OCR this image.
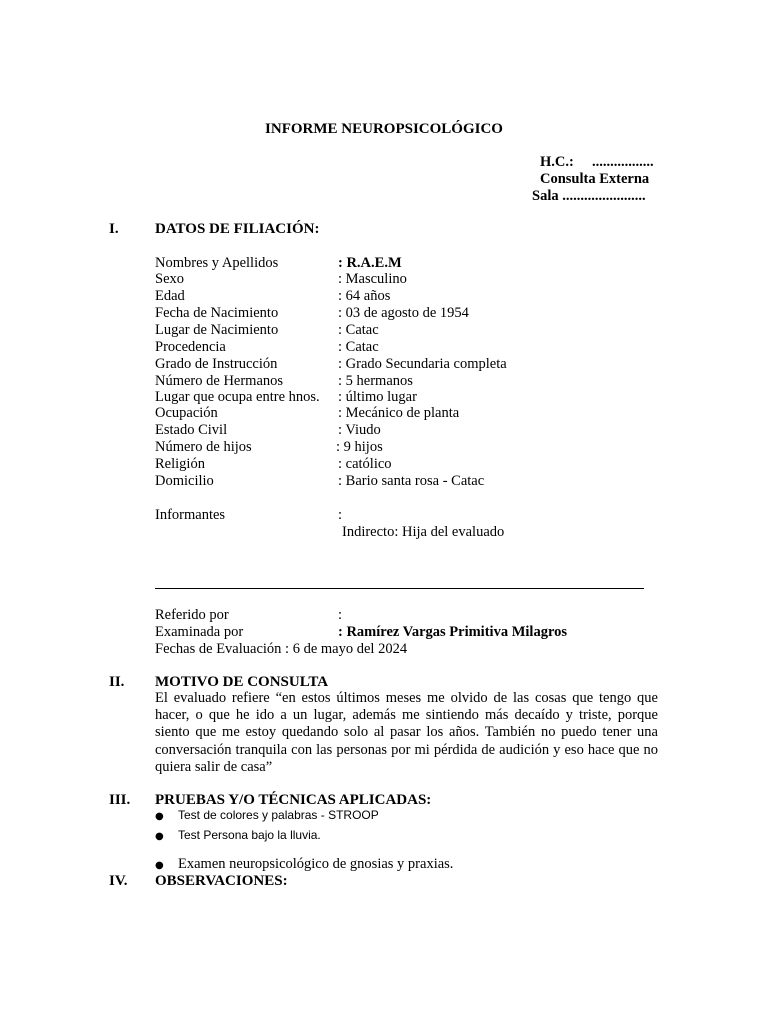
INFORME NEUROPSICOLÓGICO
H.C.: .................
Consulta Externa
Sala .......................
I. DATOS DE FILIACIÓN:
Nombres y Apellidos	: R.A.E.M
Sexo	: Masculino
Edad	: 64 años
Fecha de Nacimiento	: 03 de agosto de 1954
Lugar de Nacimiento	: Catac
Procedencia	: Catac
Grado de Instrucción	: Grado Secundaria completa
Número de Hermanos	: 5 hermanos
Lugar que ocupa entre hnos. : último lugar
Ocupación	: Mecánico de planta
Estado Civil	: Viudo
Número de hijos	: 9 hijos
Religión	: católico
Domicilio	: Bario santa rosa - Catac
Informantes	:
Indirecto: Hija del evaluado
Referido por	:
Examinada por	: Ramírez Vargas Primitiva Milagros
Fechas de Evaluación : 6 de mayo del 2024
II. MOTIVO DE CONSULTA
El evaluado refiere “en estos últimos meses me olvido de las cosas que tengo que hacer, o que he ido a un lugar, además me sintiendo más decaído y triste, porque siento que me estoy quedando solo al pasar los años. También no puedo tener una conversación tranquila con las personas por mi pérdida de audición y eso hace que no quiera salir de casa”
III. PRUEBAS Y/O TÉCNICAS APLICADAS:
● Test de colores y palabras - STROOP
● Test Persona bajo la lluvia.
● Examen neuropsicológico de gnosias y praxias.
IV. OBSERVACIONES:
